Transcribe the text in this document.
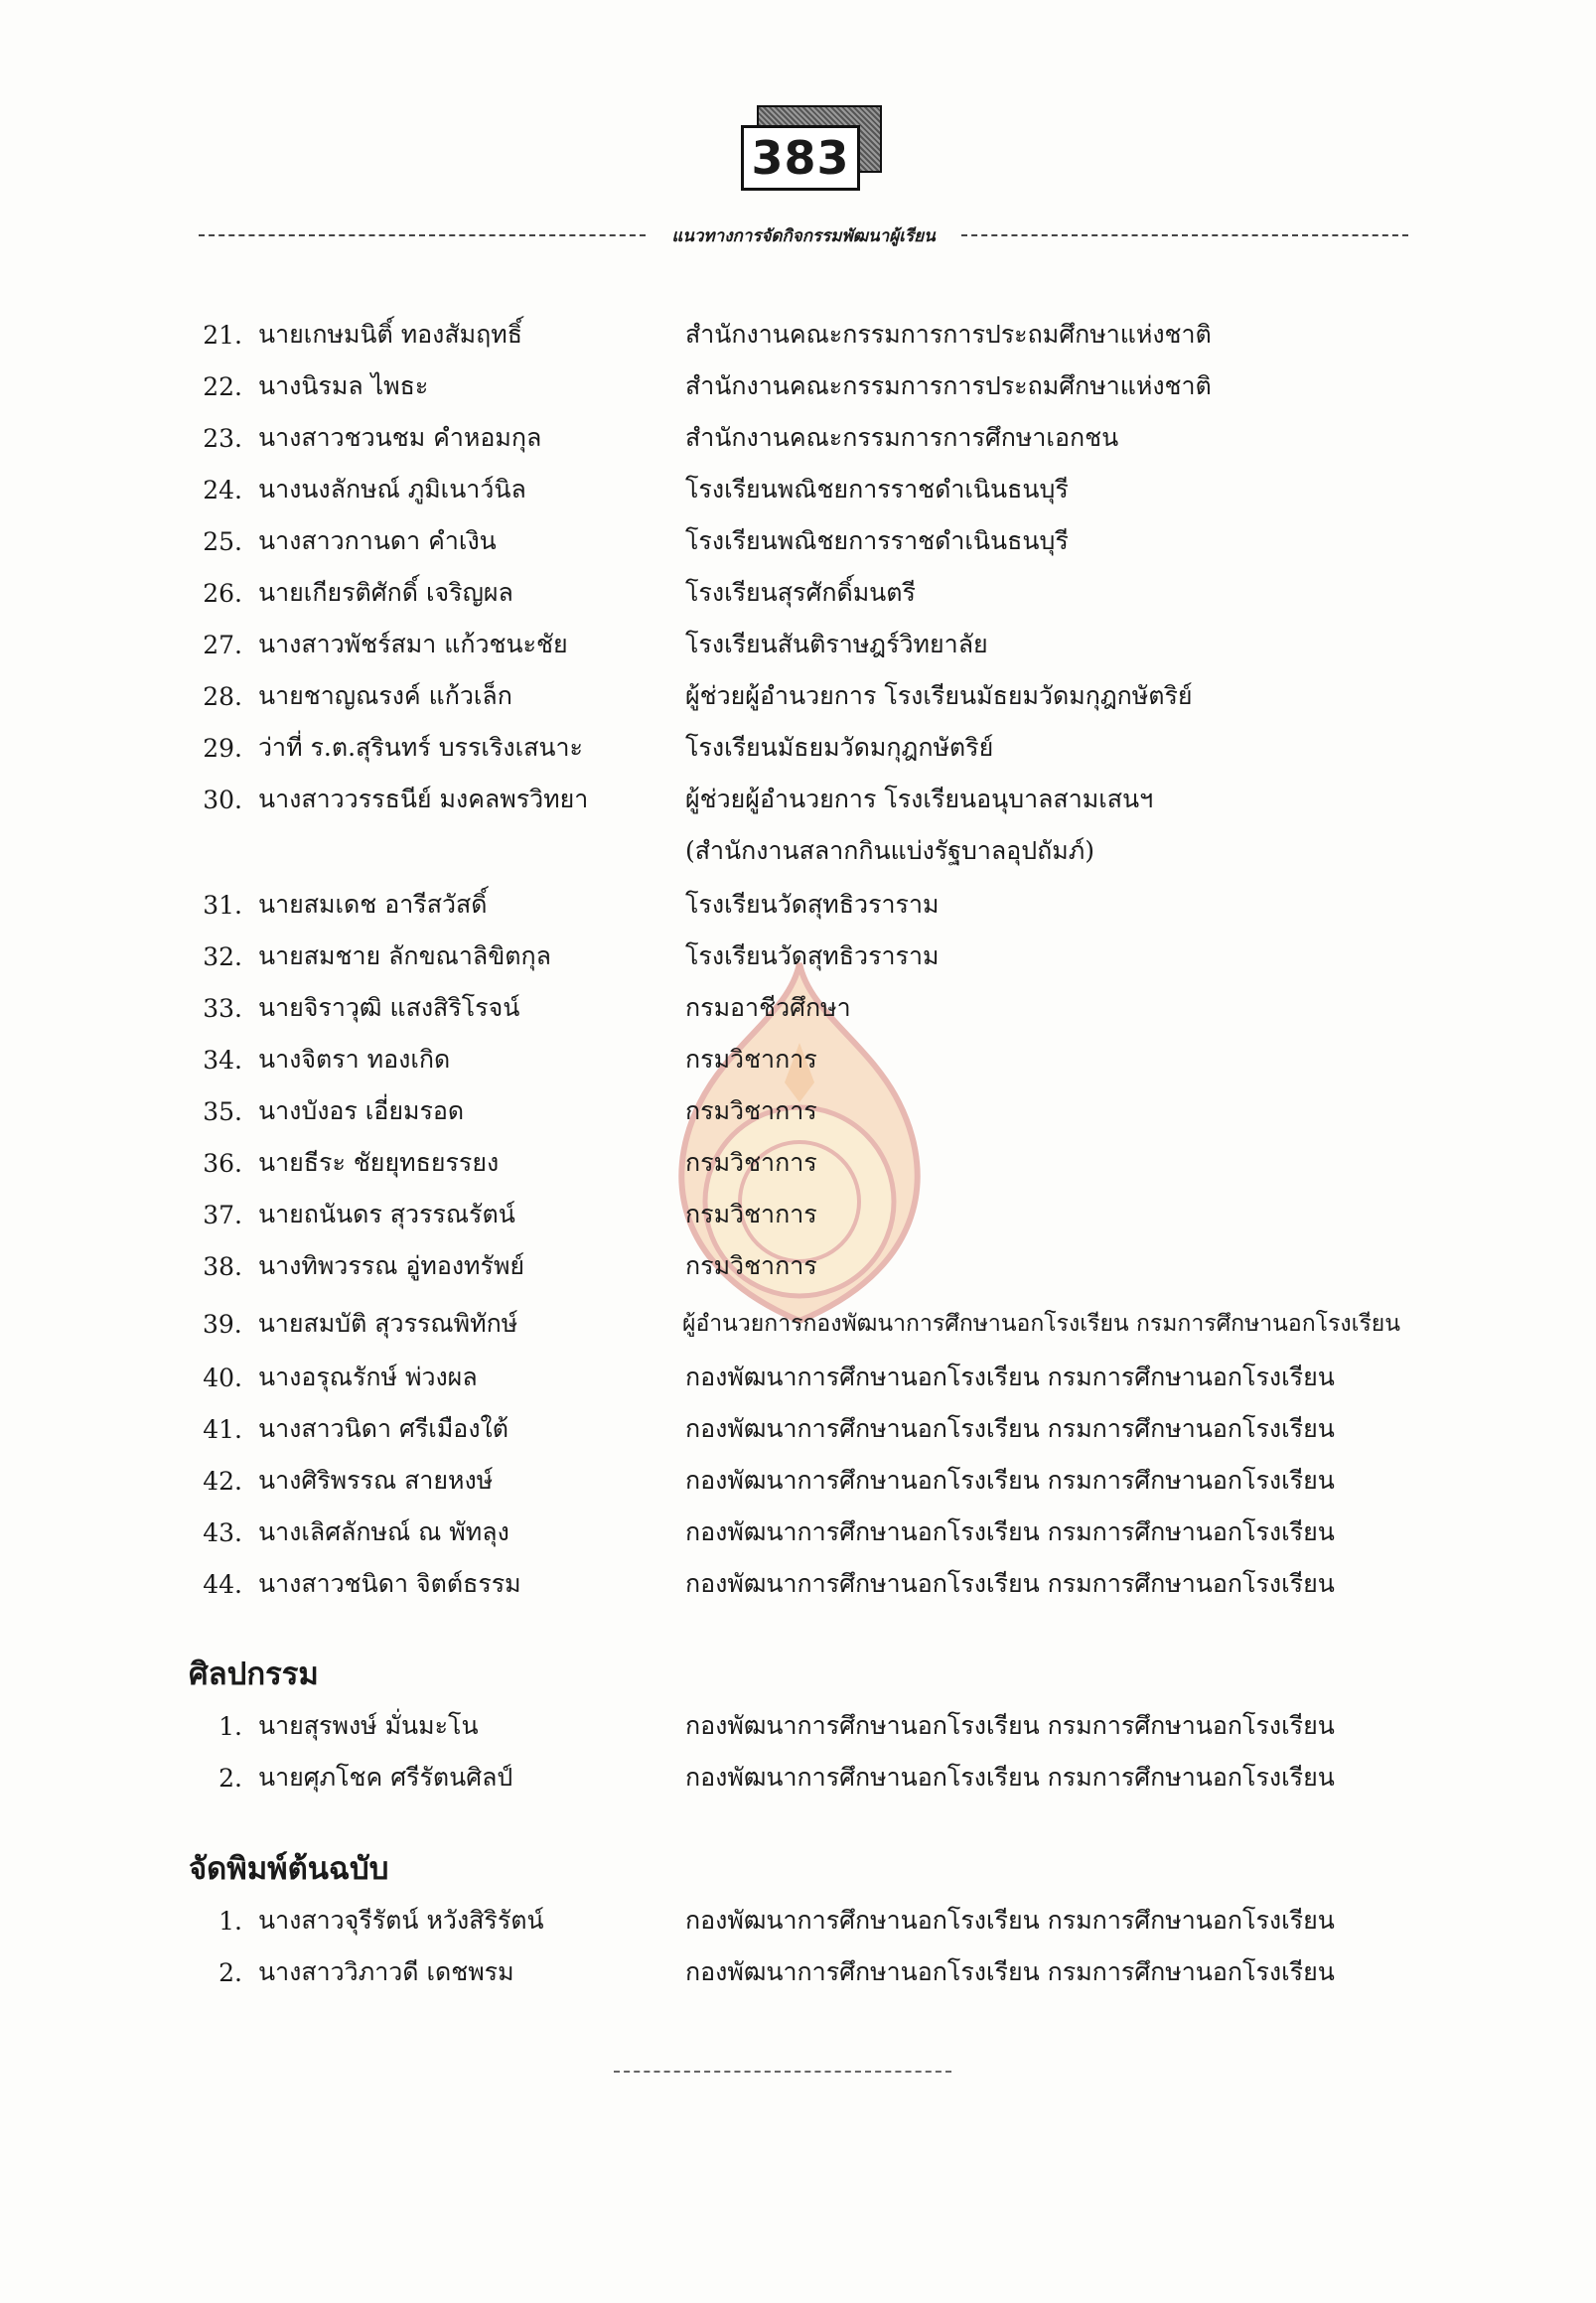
383
แนวทางการจัดกิจกรรมพัฒนาผู้เรียน
21. นายเกษมนิติ์ ทองสัมฤทธิ์	สำนักงานคณะกรรมการการประถมศึกษาแห่งชาติ
22. นางนิรมล ไพธะ	สำนักงานคณะกรรมการการประถมศึกษาแห่งชาติ
23. นางสาวชวนชม คำหอมกุล	สำนักงานคณะกรรมการการศึกษาเอกชน
24. นางนงลักษณ์ ภูมิเนาว์นิล	โรงเรียนพณิชยการราชดำเนินธนบุรี
25. นางสาวกานดา คำเงิน	โรงเรียนพณิชยการราชดำเนินธนบุรี
26. นายเกียรติศักดิ์ เจริญผล	โรงเรียนสุรศักดิ์มนตรี
27. นางสาวพัชร์สมา แก้วชนะชัย	โรงเรียนสันติราษฎร์วิทยาลัย
28. นายชาญณรงค์ แก้วเล็ก	ผู้ช่วยผู้อำนวยการ โรงเรียนมัธยมวัดมกุฎกษัตริย์
29. ว่าที่ ร.ต.สุรินทร์ บรรเริงเสนาะ	โรงเรียนมัธยมวัดมกุฎกษัตริย์
30. นางสาววรรธนีย์ มงคลพรวิทยา	ผู้ช่วยผู้อำนวยการ โรงเรียนอนุบาลสามเสนฯ
(สำนักงานสลากกินแบ่งรัฐบาลอุปถัมภ์)
31. นายสมเดช อารีสวัสดิ์	โรงเรียนวัดสุทธิวราราม
32. นายสมชาย ลักขณาลิขิตกุล	โรงเรียนวัดสุทธิวราราม
33. นายจิราวุฒิ แสงสิริโรจน์	กรมอาชีวศึกษา
34. นางจิตรา ทองเกิด	กรมวิชาการ
35. นางบังอร เอี่ยมรอด	กรมวิชาการ
36. นายธีระ ชัยยุทธยรรยง	กรมวิชาการ
37. นายถนันดร สุวรรณรัตน์	กรมวิชาการ
38. นางทิพวรรณ อู่ทองทรัพย์	กรมวิชาการ
39. นายสมบัติ สุวรรณพิทักษ์	ผู้อำนวยการกองพัฒนาการศึกษานอกโรงเรียน กรมการศึกษานอกโรงเรียน
40. นางอรุณรักษ์ พ่วงผล	กองพัฒนาการศึกษานอกโรงเรียน กรมการศึกษานอกโรงเรียน
41. นางสาวนิดา ศรีเมืองใต้	กองพัฒนาการศึกษานอกโรงเรียน กรมการศึกษานอกโรงเรียน
42. นางศิริพรรณ สายหงษ์	กองพัฒนาการศึกษานอกโรงเรียน กรมการศึกษานอกโรงเรียน
43. นางเลิศลักษณ์ ณ พัทลุง	กองพัฒนาการศึกษานอกโรงเรียน กรมการศึกษานอกโรงเรียน
44. นางสาวชนิดา จิตต์ธรรม	กองพัฒนาการศึกษานอกโรงเรียน กรมการศึกษานอกโรงเรียน
ศิลปกรรม
1. นายสุรพงษ์ มั่นมะโน	กองพัฒนาการศึกษานอกโรงเรียน กรมการศึกษานอกโรงเรียน
2. นายศุภโชค ศรีรัตนศิลป์	กองพัฒนาการศึกษานอกโรงเรียน กรมการศึกษานอกโรงเรียน
จัดพิมพ์ต้นฉบับ
1. นางสาวจุรีรัตน์ หวังสิริรัตน์	กองพัฒนาการศึกษานอกโรงเรียน กรมการศึกษานอกโรงเรียน
2. นางสาววิภาวดี เดชพรม	กองพัฒนาการศึกษานอกโรงเรียน กรมการศึกษานอกโรงเรียน
